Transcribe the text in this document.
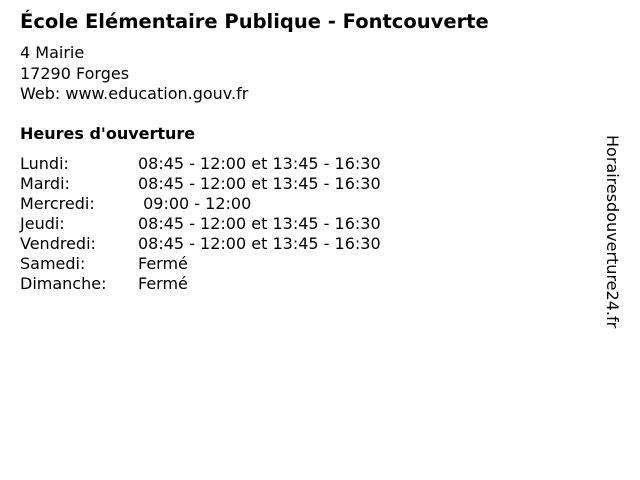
École Elémentaire Publique - Fontcouverte
4 Mairie
17290 Forges
Web: www.education.gouv.fr
Heures d'ouverture
Lundi:	08:45 - 12:00 et 13:45 - 16:30
Mardi:	08:45 - 12:00 et 13:45 - 16:30
Mercredi:	09:00 - 12:00
Jeudi:	08:45 - 12:00 et 13:45 - 16:30
Vendredi:	08:45 - 12:00 et 13:45 - 16:30
Samedi:	Fermé
Dimanche: Fermé	Horairesdouverture24.fr
